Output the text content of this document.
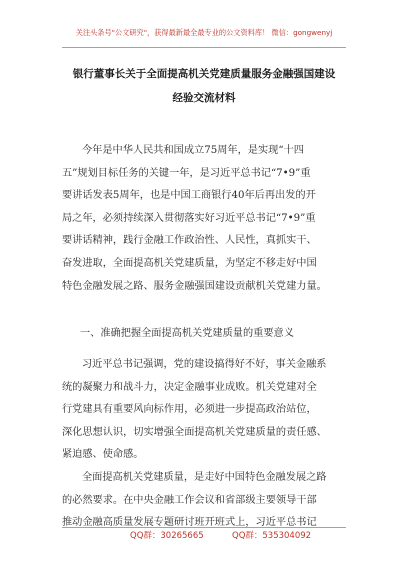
关注头条号"公文研究"，获得最新最全最专业的公文资料库！ 微信：gongwenyj
银行董事长关于全面提高机关党建质量服务金融强国建设
经验交流材料
今年是中华人民共和国成立75周年，是实现“十四
五”规划目标任务的关键一年，是习近平总书记“7•9”重
要讲话发表5周年，也是中国工商银行40年后再出发的开
局之年，必须持续深入贯彻落实好习近平总书记“7•9”重
要讲话精神，践行金融工作政治性、人民性，真抓实干、
奋发进取，全面提高机关党建质量，为坚定不移走好中国
特色金融发展之路、服务金融强国建设贡献机关党建力量。
一、准确把握全面提高机关党建质量的重要意义
习近平总书记强调，党的建设搞得好不好，事关金融系
统的凝聚力和战斗力，决定金融事业成败。机关党建对全
行党建具有重要风向标作用，必须进一步提高政治站位，
深化思想认识，切实增强全面提高机关党建质量的责任感、
紧迫感、使命感。
全面提高机关党建质量，是走好中国特色金融发展之路
的必然要求。在中央金融工作会议和省部级主要领导干部
推动金融高质量发展专题研讨班开班式上，习近平总书记
QQ群：30265665	QQ群：535304092
